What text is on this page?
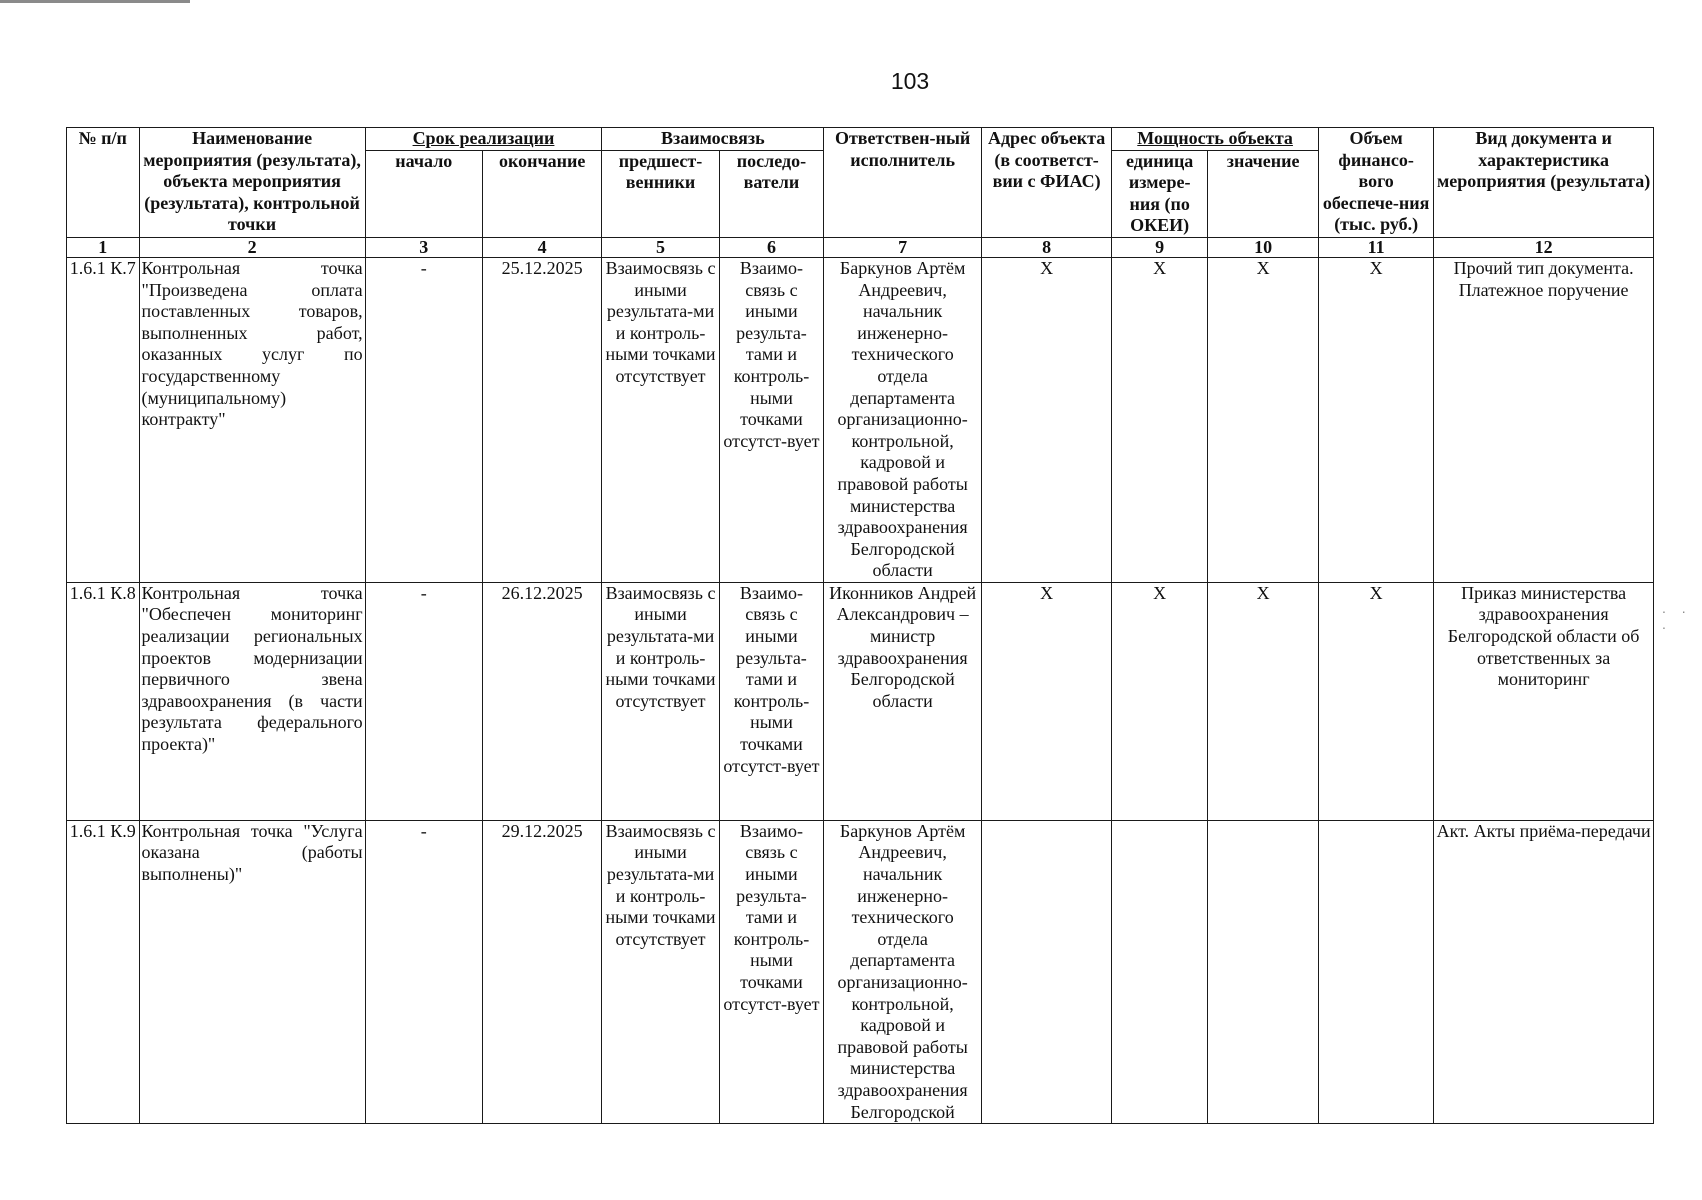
103
№ п/п	Наименование мероприятия (результата), объекта мероприятия (результата), контрольной точки	Срок реализации		Взаимосвязь		Ответствен-ный исполнитель	Адрес объекта (в соответст-вии с ФИАС)	Мощность объекта		Объем финансо-вого обеспече-ния (тыс. руб.)	Вид документа и характеристика мероприятия (результата)
		начало	окончание	предшест-венники	последо-ватели			единица измере-ния (по ОКЕИ)	значение		
1	2	3	4	5	6	7	8	9	10	11	12
1.6.1 К.7	Контрольная точка "Произведена оплата поставленных товаров, выполненных работ, оказанных услуг по государственному (муниципальному) контракту"	-	25.12.2025	Взаимосвязь с иными результата-ми и контроль-ными точками отсутствует	Взаимо-связь с иными результа-тами и контроль-ными точками отсутст-вует	Баркунов Артём Андреевич, начальник инженерно-технического отдела департамента организационно-контрольной, кадровой и правовой работы министерства здравоохранения Белгородской области	Х	Х	Х	Х	Прочий тип документа. Платежное поручение
1.6.1 К.8	Контрольная точка "Обеспечен мониторинг реализации региональных проектов модернизации первичного звена здравоохранения (в части результата федерального проекта)"	-	26.12.2025	Взаимосвязь с иными результата-ми и контроль-ными точками отсутствует	Взаимо-связь с иными результа-тами и контроль-ными точками отсутст-вует	Иконников Андрей Александрович – министр здравоохранения Белгородской области	Х	Х	Х	Х	Приказ министерства здравоохранения Белгородской области об ответственных за мониторинг
1.6.1 К.9	Контрольная точка "Услуга оказана (работы выполнены)"	-	29.12.2025	Взаимосвязь с иными результата-ми и контроль-ными точками отсутствует	Взаимо-связь с иными результа-тами и контроль-ными точками отсутст-вует	Баркунов Артём Андреевич, начальник инженерно-технического отдела департамента организационно-контрольной, кадровой и правовой работы министерства здравоохранения Белгородской					Акт. Акты приёма-передачи
. . .
